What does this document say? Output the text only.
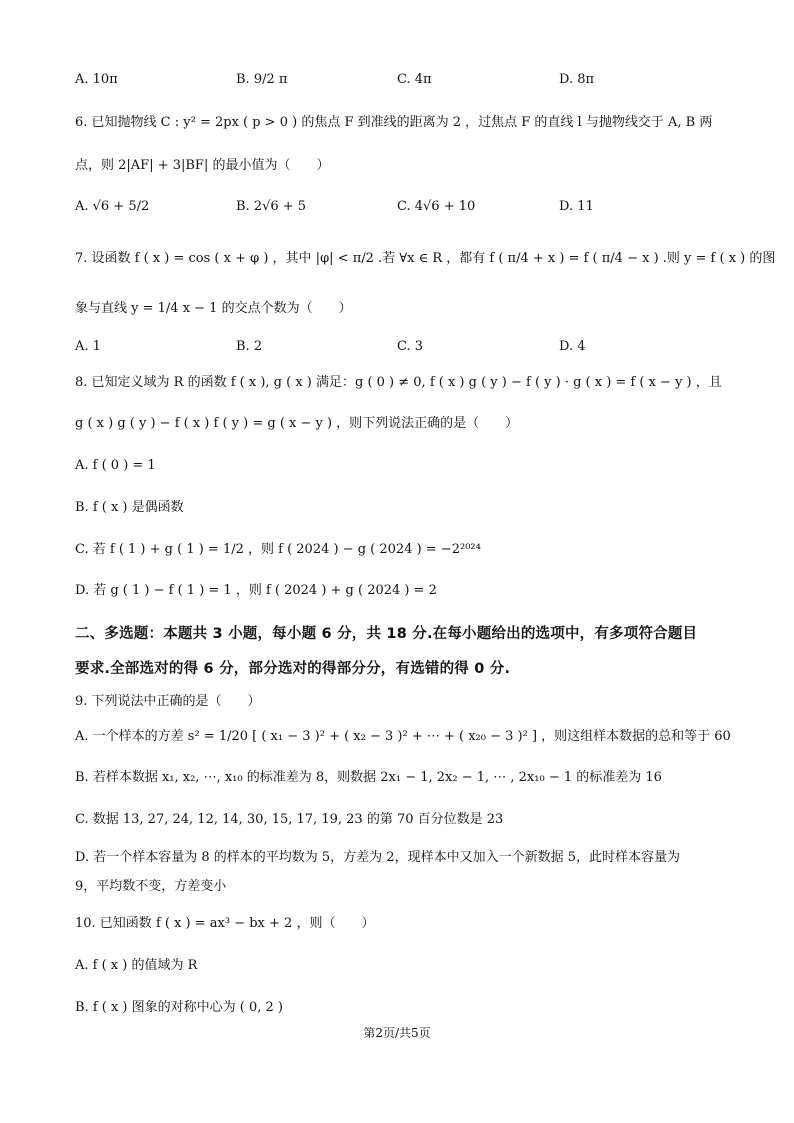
A. 10π	B. 9/2 π	C. 4π	D. 8π
6. 已知抛物线 C : y² = 2px ( p > 0 ) 的焦点 F 到准线的距离为 2 ，过焦点 F 的直线 l 与抛物线交于 A, B 两
点，则 2|AF| + 3|BF| 的最小值为（　　）
A. √6 + 5/2	B. 2√6 + 5	C. 4√6 + 10	D. 11
7. 设函数 f ( x ) = cos ( x + φ ) ，其中 |φ| < π/2 .若 ∀x ∈ R ，都有 f ( π/4 + x ) = f ( π/4 − x ) .则 y = f ( x ) 的图
象与直线 y = 1/4 x − 1 的交点个数为（　　）
A. 1	B. 2	C. 3	D. 4
8. 已知定义域为 R 的函数 f ( x ), g ( x ) 满足：g ( 0 ) ≠ 0, f ( x ) g ( y ) − f ( y ) · g ( x ) = f ( x − y ) ，且
g ( x ) g ( y ) − f ( x ) f ( y ) = g ( x − y ) ，则下列说法正确的是（　　）
A. f ( 0 ) = 1
B. f ( x ) 是偶函数
C. 若 f ( 1 ) + g ( 1 ) = 1/2 ，则 f ( 2024 ) − g ( 2024 ) = −2²⁰²⁴
D. 若 g ( 1 ) − f ( 1 ) = 1 ，则 f ( 2024 ) + g ( 2024 ) = 2
二、多选题：本题共 3 小题，每小题 6 分，共 18 分.在每小题给出的选项中，有多项符合题目
要求.全部选对的得 6 分，部分选对的得部分分，有选错的得 0 分.
9. 下列说法中正确的是（　　）
A. 一个样本的方差 s² = 1/20 [ ( x₁ − 3 )² + ( x₂ − 3 )² + ⋯ + ( x₂₀ − 3 )² ] ，则这组样本数据的总和等于 60
B. 若样本数据 x₁, x₂, ⋯, x₁₀ 的标准差为 8，则数据 2x₁ − 1, 2x₂ − 1, ⋯ , 2x₁₀ − 1 的标准差为 16
C. 数据 13, 27, 24, 12, 14, 30, 15, 17, 19, 23 的第 70 百分位数是 23
D. 若一个样本容量为 8 的样本的平均数为 5，方差为 2，现样本中又加入一个新数据 5，此时样本容量为
9，平均数不变，方差变小
10. 已知函数 f ( x ) = ax³ − bx + 2 ，则（　　）
A. f ( x ) 的值域为 R
B. f ( x ) 图象的对称中心为 ( 0, 2 )
第2页/共5页
